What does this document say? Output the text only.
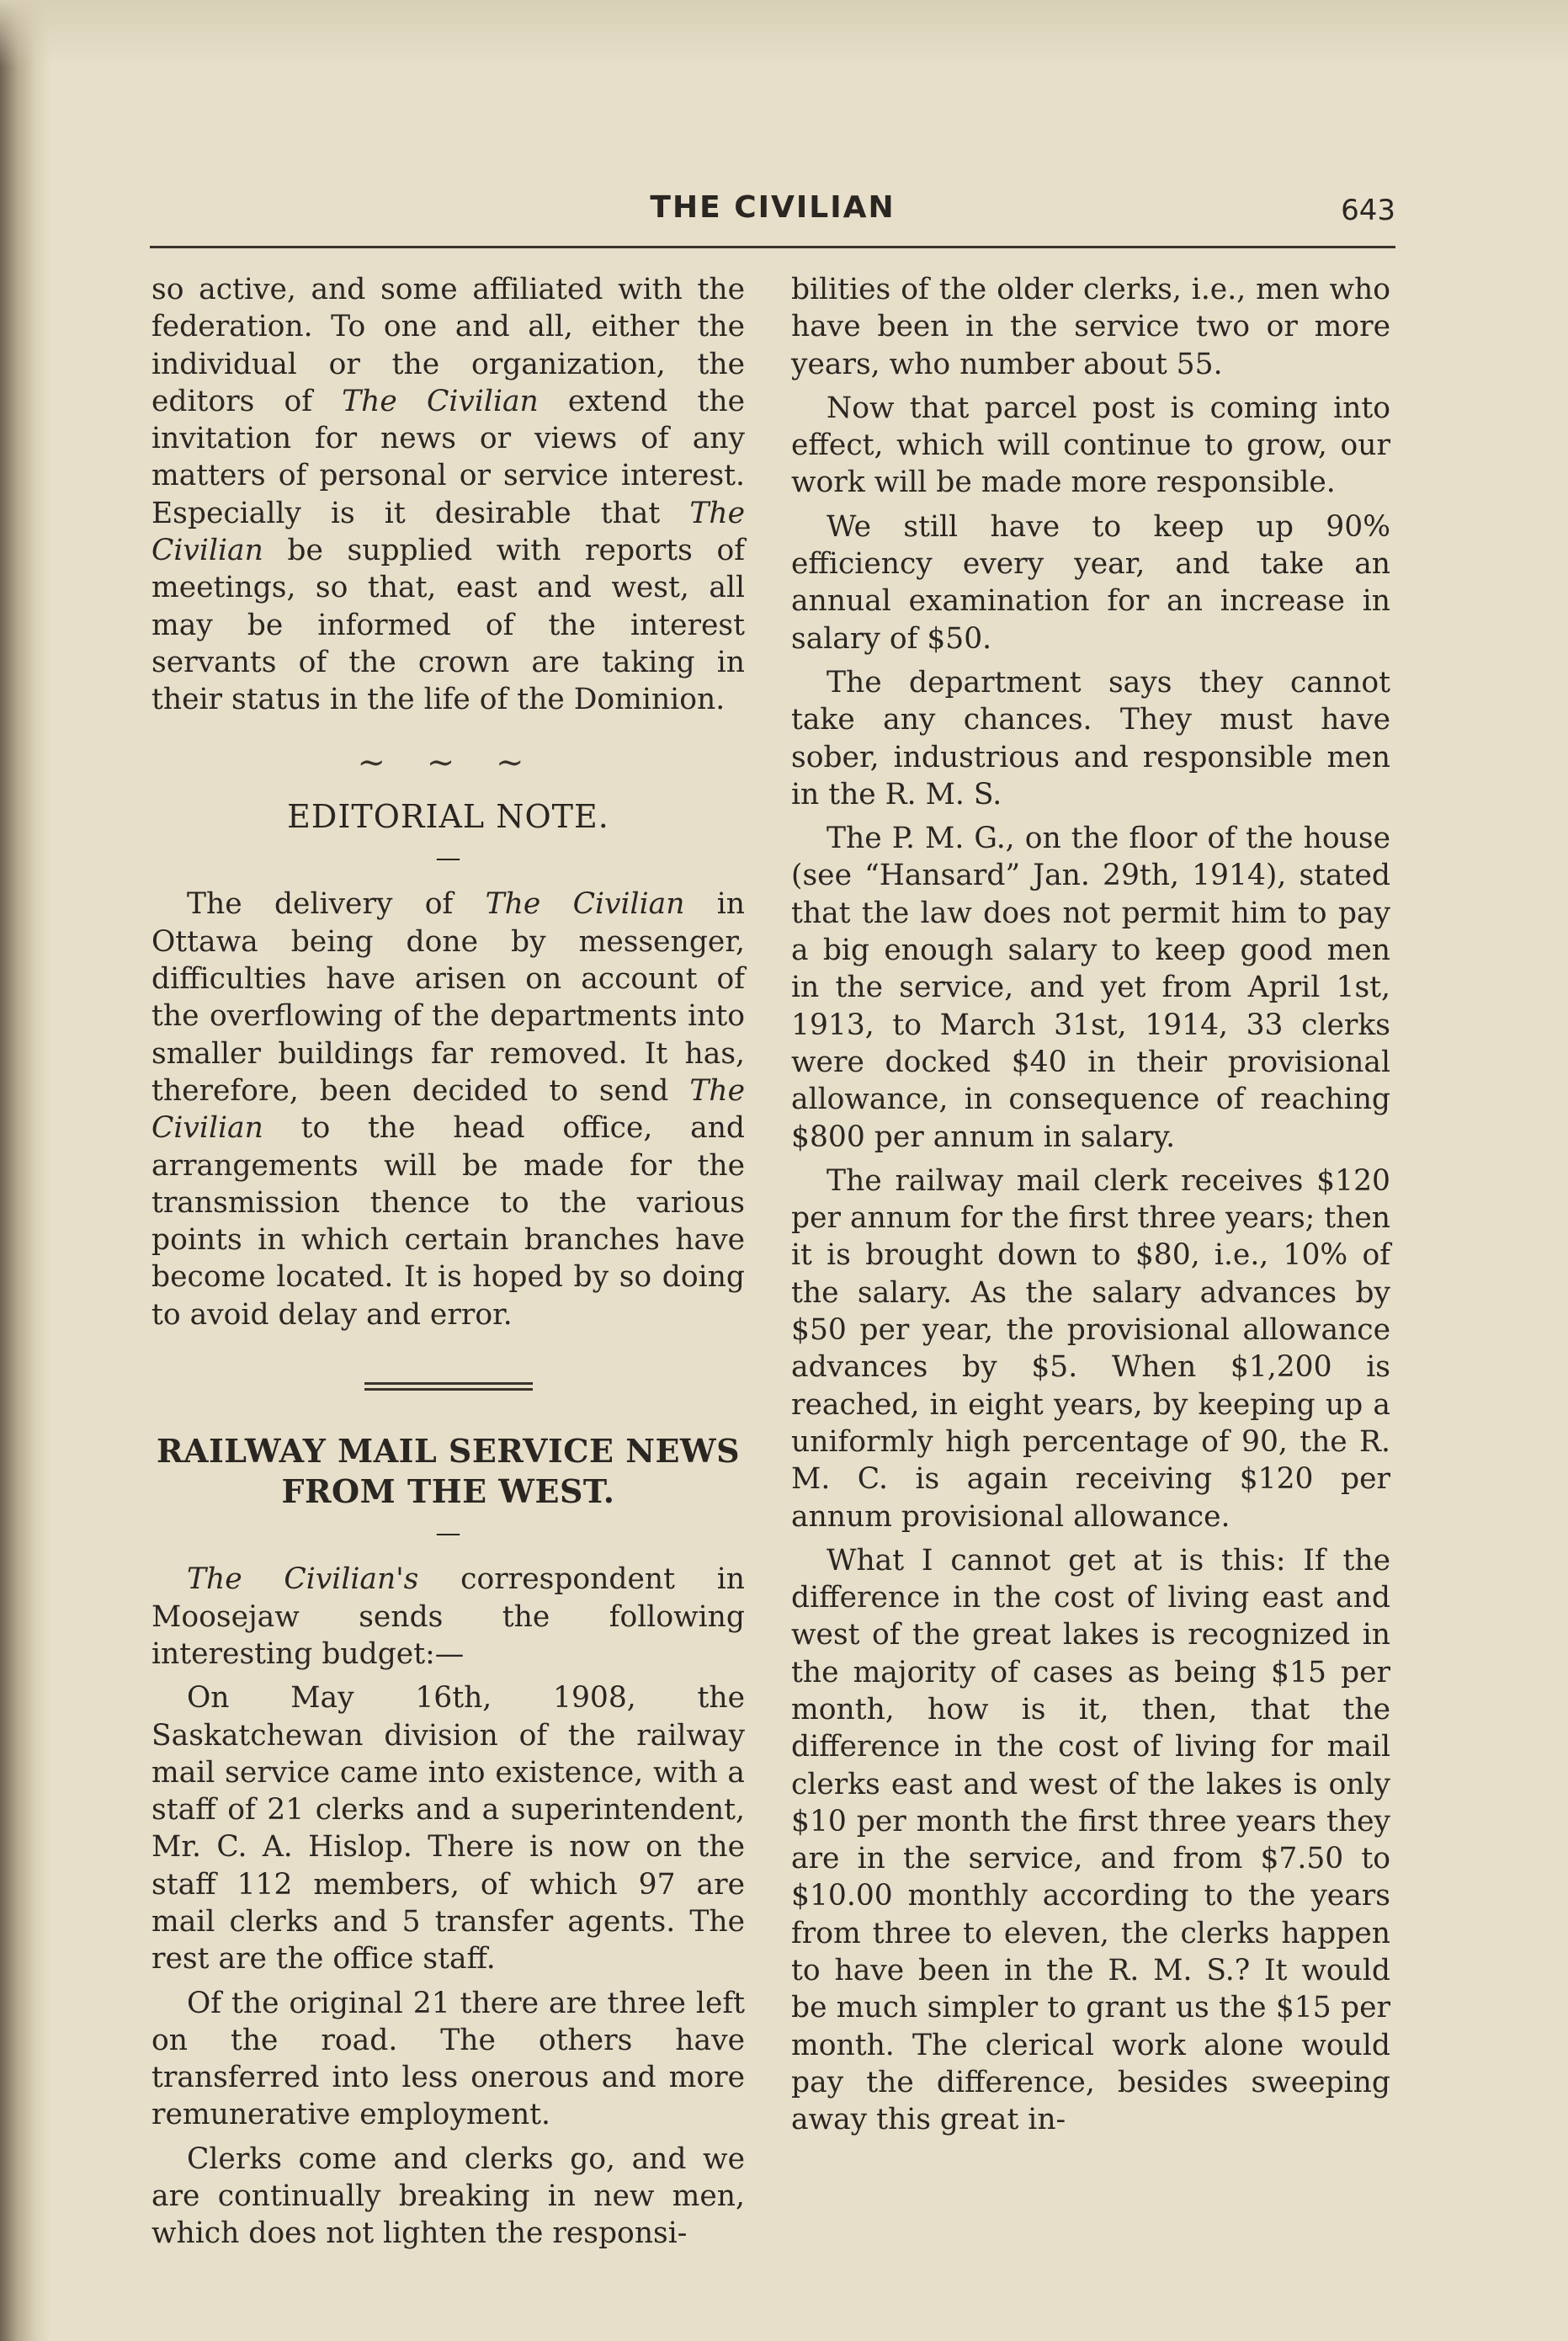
THE CIVILIAN	643

so active, and some affiliated with the federation. To one and all, either the individual or the organization, the editors of The Civilian extend the invitation for news or views of any matters of personal or service interest. Especially is it desirable that The Civilian be supplied with reports of meetings, so that, east and west, all may be informed of the interest servants of the crown are taking in their status in the life of the Dominion.

∼ ∼ ∼
EDITORIAL NOTE.
—

The delivery of The Civilian in Ottawa being done by messenger, difficulties have arisen on account of the overflowing of the departments into smaller buildings far removed. It has, therefore, been decided to send The Civilian to the head office, and arrangements will be made for the transmission thence to the various points in which certain branches have become located. It is hoped by so doing to avoid delay and error.

RAILWAY MAIL SERVICE NEWS
FROM THE WEST.
—

The Civilian's correspondent in Moosejaw sends the following interesting budget:—

On May 16th, 1908, the Saskatchewan division of the railway mail service came into existence, with a staff of 21 clerks and a superintendent, Mr. C. A. Hislop. There is now on the staff 112 members, of which 97 are mail clerks and 5 transfer agents. The rest are the office staff.

Of the original 21 there are three left on the road. The others have transferred into less onerous and more remunerative employment.

Clerks come and clerks go, and we are continually breaking in new men, which does not lighten the responsi-

bilities of the older clerks, i.e., men who have been in the service two or more years, who number about 55.

Now that parcel post is coming into effect, which will continue to grow, our work will be made more responsible.

We still have to keep up 90% efficiency every year, and take an annual examination for an increase in salary of $50.

The department says they cannot take any chances. They must have sober, industrious and responsible men in the R. M. S.

The P. M. G., on the floor of the house (see “Hansard” Jan. 29th, 1914), stated that the law does not permit him to pay a big enough salary to keep good men in the service, and yet from April 1st, 1913, to March 31st, 1914, 33 clerks were docked $40 in their provisional allowance, in consequence of reaching $800 per annum in salary.

The railway mail clerk receives $120 per annum for the first three years; then it is brought down to $80, i.e., 10% of the salary. As the salary advances by $50 per year, the provisional allowance advances by $5. When $1,200 is reached, in eight years, by keeping up a uniformly high percentage of 90, the R. M. C. is again receiving $120 per annum provisional allowance.

What I cannot get at is this: If the difference in the cost of living east and west of the great lakes is recognized in the majority of cases as being $15 per month, how is it, then, that the difference in the cost of living for mail clerks east and west of the lakes is only $10 per month the first three years they are in the service, and from $7.50 to $10.00 monthly according to the years from three to eleven, the clerks happen to have been in the R. M. S.? It would be much simpler to grant us the $15 per month. The clerical work alone would pay the difference, besides sweeping away this great in-
